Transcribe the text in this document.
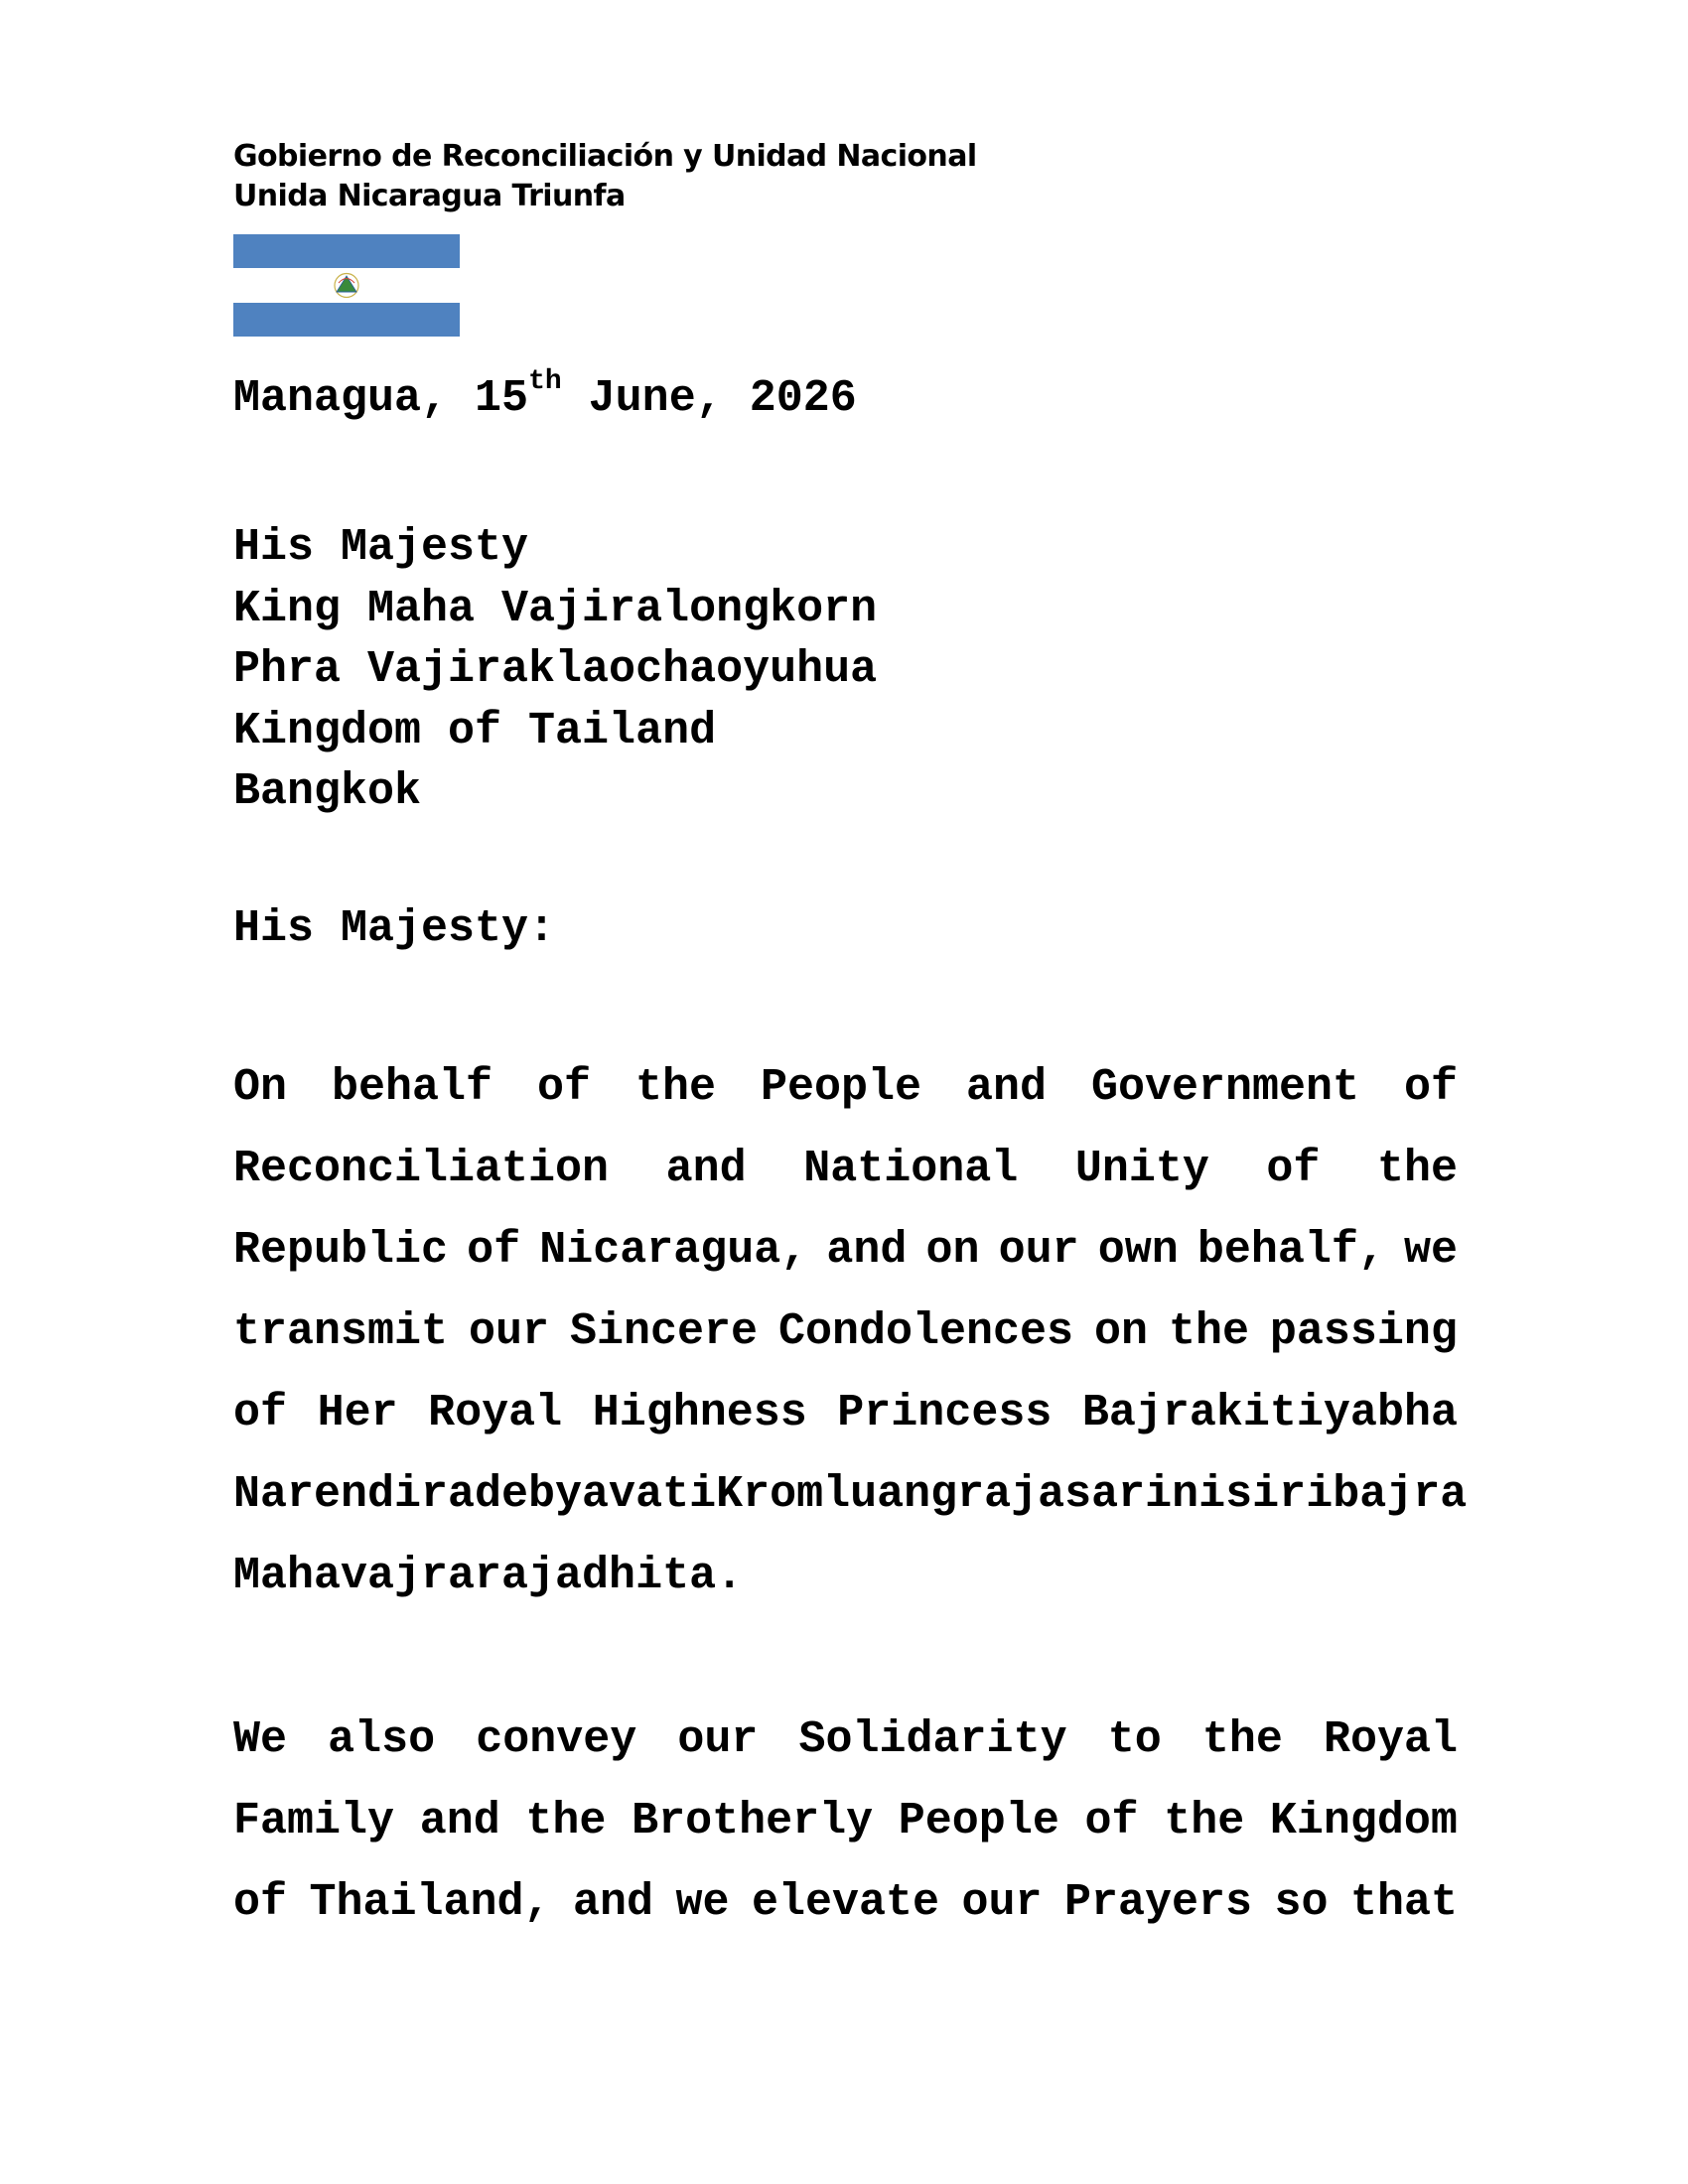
Gobierno de Reconciliación y Unidad Nacional
Unida Nicaragua Triunfa
Managua, 15th June, 2026
His Majesty
King Maha Vajiralongkorn
Phra Vajiraklaochaoyuhua
Kingdom of Tailand
Bangkok
His Majesty:
On behalf of the People and Government of
Reconciliation and National Unity of the
Republic of Nicaragua, and on our own behalf, we
transmit our Sincere Condolences on the passing
of Her Royal Highness Princess Bajrakitiyabha
Narendiradebyavati Kromluangrajasarinisiribajra
Mahavajrarajadhita.
We also convey our Solidarity to the Royal
Family and the Brotherly People of the Kingdom
of Thailand, and we elevate our Prayers so that
